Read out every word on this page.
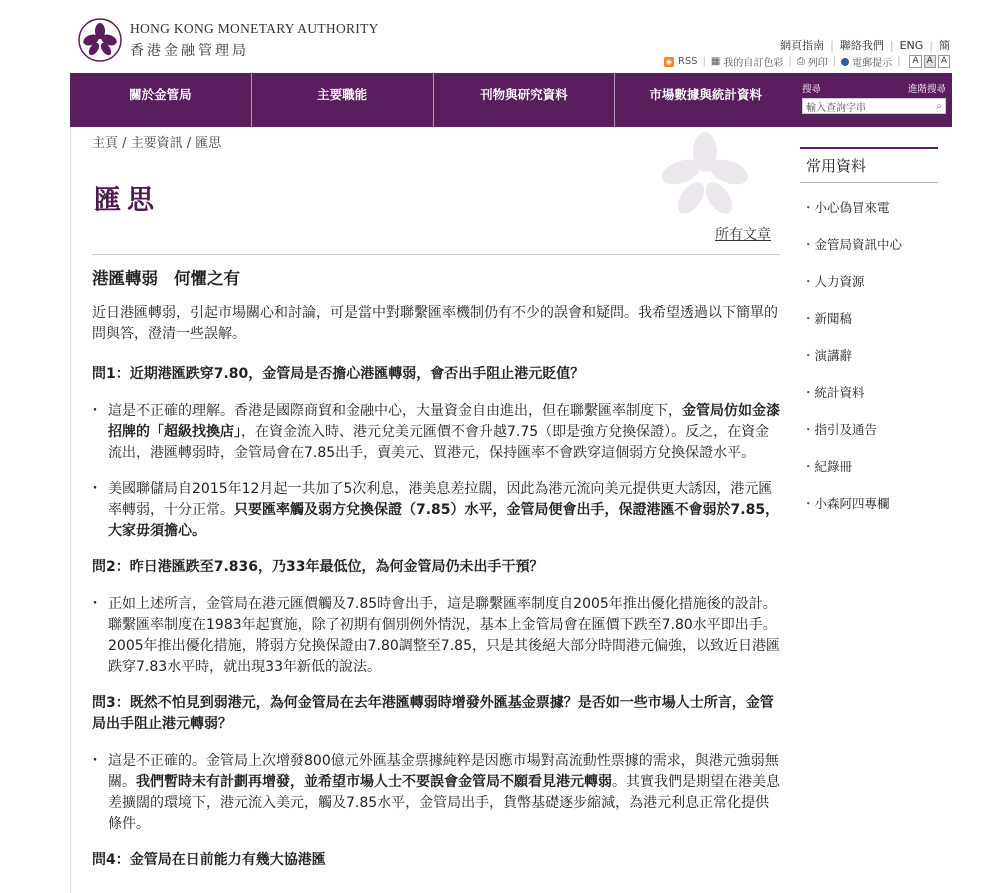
HONG KONG MONETARY AUTHORITY
香港金融管理局	網頁指南 | 聯絡我們 | ENG | 簡
◉ RSS | ▦ 我的自訂色彩 | ⎙ 列印 | 電郵提示 |	A A A
關於金管局	主要職能	刊物與研究資料	市場數據與統計資料	搜尋	進階搜尋
輸入查詢字串	⌕
主頁 / 主要資訊 / 匯思
匯思
所有文章
港匯轉弱 何懼之有
近日港匯轉弱，引起市場關心和討論，可是當中對聯繫匯率機制仍有不少的誤會和疑問。我希望透過以下簡單的問與答，澄清一些誤解。
問1：近期港匯跌穿7.80，金管局是否擔心港匯轉弱，會否出手阻止港元貶值？
・ 這是不正確的理解。香港是國際商貿和金融中心，大量資金自由進出，但在聯繫匯率制度下，金管局仿如金漆招牌的「超級找換店」，在資金流入時、港元兌美元匯價不會升越7.75（即是強方兌換保證）。反之，在資金流出，港匯轉弱時，金管局會在7.85出手，賣美元、買港元，保持匯率不會跌穿這個弱方兌換保證水平。
・ 美國聯儲局自2015年12月起一共加了5次利息，港美息差拉闊，因此為港元流向美元提供更大誘因，港元匯率轉弱，十分正常。只要匯率觸及弱方兌換保證（7.85）水平，金管局便會出手，保證港匯不會弱於7.85，大家毋須擔心。
問2：昨日港匯跌至7.836，乃33年最低位，為何金管局仍未出手干預？
・ 正如上述所言，金管局在港元匯價觸及7.85時會出手，這是聯繫匯率制度自2005年推出優化措施後的設計。聯繫匯率制度在1983年起實施，除了初期有個別例外情況，基本上金管局會在匯價下跌至7.80水平即出手。2005年推出優化措施，將弱方兌換保證由7.80調整至7.85，只是其後絕大部分時間港元偏強，以致近日港匯跌穿7.83水平時，就出現33年新低的說法。
問3：既然不怕見到弱港元，為何金管局在去年港匯轉弱時增發外匯基金票據？是否如一些市場人士所言，金管局出手阻止港元轉弱？
・ 這是不正確的。金管局上次增發800億元外匯基金票據純粹是因應市場對高流動性票據的需求，與港元強弱無關。我們暫時未有計劃再增發，並希望市場人士不要誤會金管局不願看見港元轉弱。其實我們是期望在港美息差擴闊的環境下，港元流入美元，觸及7.85水平，金管局出手，貨幣基礎逐步縮減，為港元利息正常化提供條件。
問4：金管局在日前能力有幾大協港匯
常用資料
・ 小心偽冒來電
・ 金管局資訊中心
・ 人力資源
・ 新聞稿
・ 演講辭
・ 統計資料
・ 指引及通告
・ 紀錄冊
・ 小森阿四專欄
